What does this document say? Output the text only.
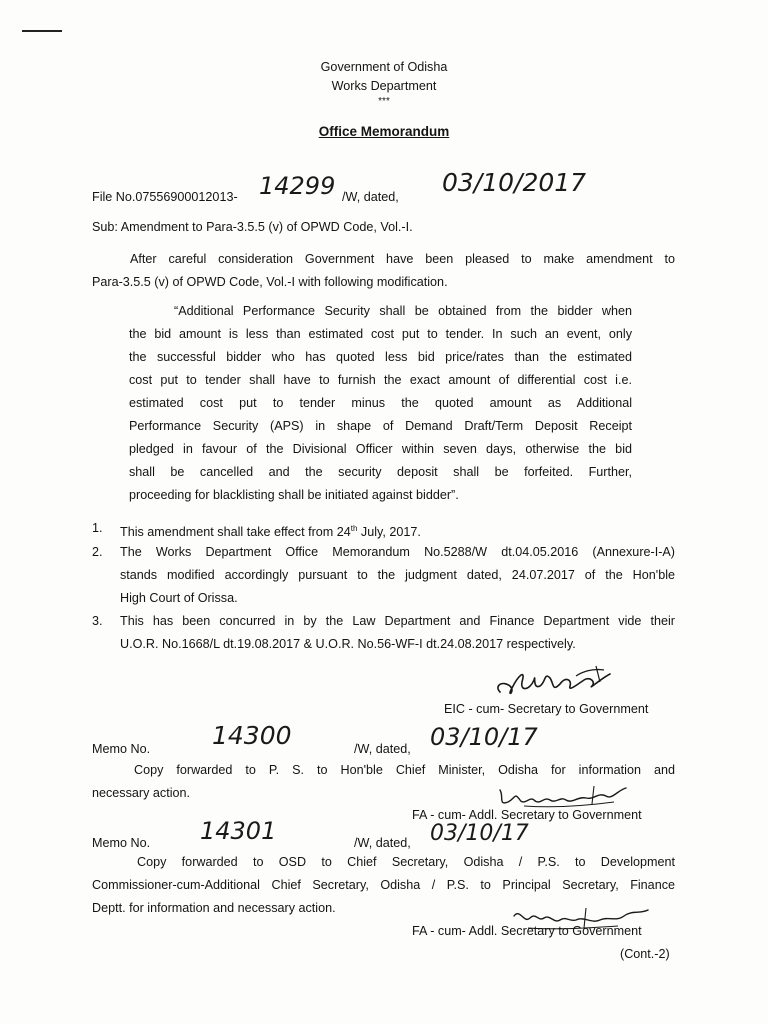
Government of Odisha
Works Department
***
Office Memorandum
File No.07556900012013- 14299 /W, dated, 03/10/2017
Sub: Amendment to Para-3.5.5 (v) of OPWD Code, Vol.-I.
After careful consideration Government have been pleased to make amendment to
Para-3.5.5 (v) of OPWD Code, Vol.-I with following modification.
“Additional Performance Security shall be obtained from the bidder when
the bid amount is less than estimated cost put to tender. In such an event, only
the successful bidder who has quoted less bid price/rates than the estimated
cost put to tender shall have to furnish the exact amount of differential cost i.e.
estimated cost put to tender minus the quoted amount as Additional
Performance Security (APS) in shape of Demand Draft/Term Deposit Receipt
pledged in favour of the Divisional Officer within seven days, otherwise the bid
shall be cancelled and the security deposit shall be forfeited. Further,
proceeding for blacklisting shall be initiated against bidder”.
1. This amendment shall take effect from 24th July, 2017.
2. The Works Department Office Memorandum No.5288/W dt.04.05.2016 (Annexure-I-A)
stands modified accordingly pursuant to the judgment dated, 24.07.2017 of the Hon'ble
High Court of Orissa.
3. This has been concurred in by the Law Department and Finance Department vide their
U.O.R. No.1668/L dt.19.08.2017 & U.O.R. No.56-WF-I dt.24.08.2017 respectively.
EIC - cum- Secretary to Government
Memo No. 14300	/W, dated, 03/10/17
Copy forwarded to P. S. to Hon'ble Chief Minister, Odisha for information and
necessary action.
FA - cum- Addl. Secretary to Government
Memo No. 14301	/W, dated, 03/10/17
Copy forwarded to OSD to Chief Secretary, Odisha / P.S. to Development
Commissioner-cum-Additional Chief Secretary, Odisha / P.S. to Principal Secretary, Finance
Deptt. for information and necessary action.
FA - cum- Addl. Secretary to Government
(Cont.-2)
